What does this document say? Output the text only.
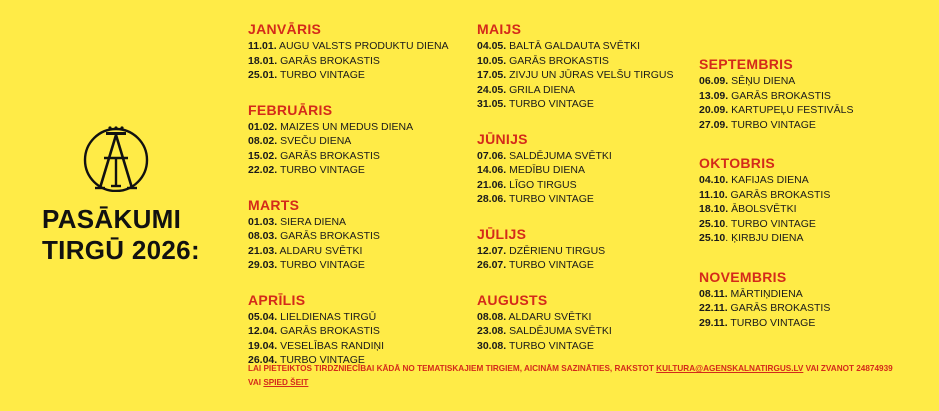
PASĀKUMI
TIRGŪ 2026:
JANVĀRIS
11.01. AUGU VALSTS PRODUKTU DIENA
18.01. GARĀS BROKASTIS
25.01. TURBO VINTAGE
FEBRUĀRIS
01.02. MAIZES UN MEDUS DIENA
08.02. SVEČU DIENA
15.02. GARĀS BROKASTIS
22.02. TURBO VINTAGE
MARTS
01.03. SIERA DIENA
08.03. GARĀS BROKASTIS
21.03. ALDARU SVĒTKI
29.03. TURBO VINTAGE
APRĪLIS
05.04. LIELDIENAS TIRGŪ
12.04. GARĀS BROKASTIS
19.04. VESELĪBAS RANDIŅI
26.04. TURBO VINTAGE
MAIJS
04.05. BALTĀ GALDAUTA SVĒTKI
10.05. GARĀS BROKASTIS
17.05. ZIVJU UN JŪRAS VELŠU TIRGUS
24.05. GRILA DIENA
31.05. TURBO VINTAGE
JŪNIJS
07.06. SALDĒJUMA SVĒTKI
14.06. MEDĪBU DIENA
21.06. LĪGO TIRGUS
28.06. TURBO VINTAGE
JŪLIJS
12.07. DZĒRIENU TIRGUS
26.07. TURBO VINTAGE
AUGUSTS
08.08. ALDARU SVĒTKI
23.08. SALDĒJUMA SVĒTKI
30.08. TURBO VINTAGE
SEPTEMBRIS
06.09. SĒŅU DIENA
13.09. GARĀS BROKASTIS
20.09. KARTUPEĻU FESTIVĀLS
27.09. TURBO VINTAGE
OKTOBRIS
04.10. KAFIJAS DIENA
11.10. GARĀS BROKASTIS
18.10. ĀBOLSVĒTKI
25.10. TURBO VINTAGE
25.10. ĶIRBJU DIENA
NOVEMBRIS
08.11. MĀRTIŅDIENA
22.11. GARĀS BROKASTIS
29.11. TURBO VINTAGE
LAI PIETEIKTOS TIRDZNIECĪBAI KĀDĀ NO TEMATISKAJIEM TIRGIEM, AICINĀM SAZINĀTIES, RAKSTOT KULTURA@AGENSKALNATIRGUS.LV VAI ZVANOT 24874939
VAI SPIED ŠEIT
